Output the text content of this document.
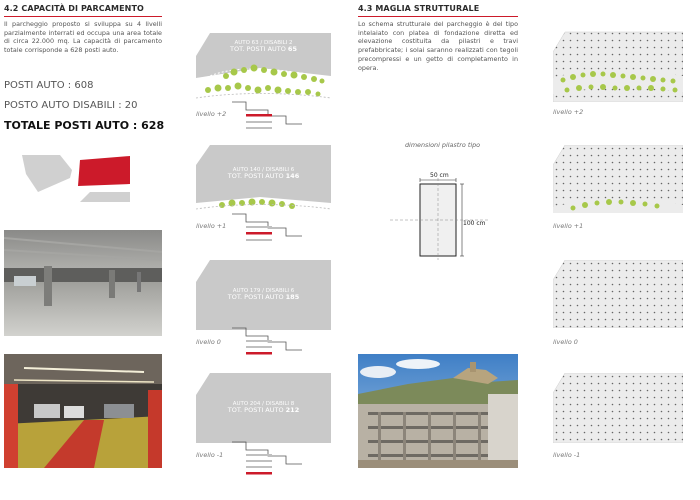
4.2 CAPACITÀ DI PARCAMENTO
Il parcheggio proposto si sviluppa su 4 livelli parzialmente interrati ed occupa una area totale di circa 22.000 mq. La capacità di parcamento totale corrisponde a 628 posti auto.
POSTI AUTO : 608
POSTO AUTO DISABILI : 20
TOTALE POSTI AUTO : 628
AUTO 63 / DISABILI 2
TOT. POSTI AUTO 65
livello +2
AUTO 140 / DISABILI 6
TOT. POSTI AUTO 146
livello +1
AUTO 179 / DISABILI 6
TOT. POSTI AUTO 185
livello 0
AUTO 204 / DISABILI 8
TOT. POSTI AUTO 212
livello -1
4.3 MAGLIA STRUTTURALE
Lo schema strutturale del parcheggio è del tipo intelaiato con platea di fondazione diretta ed elevazione costituita da pilastri e travi prefabbricate; i solai saranno realizzati con tegoli precompressi e un getto di completamento in opera.
dimensioni pilastro tipo
50 cm
100 cm
livello +2
livello +1
livello 0
livello -1
